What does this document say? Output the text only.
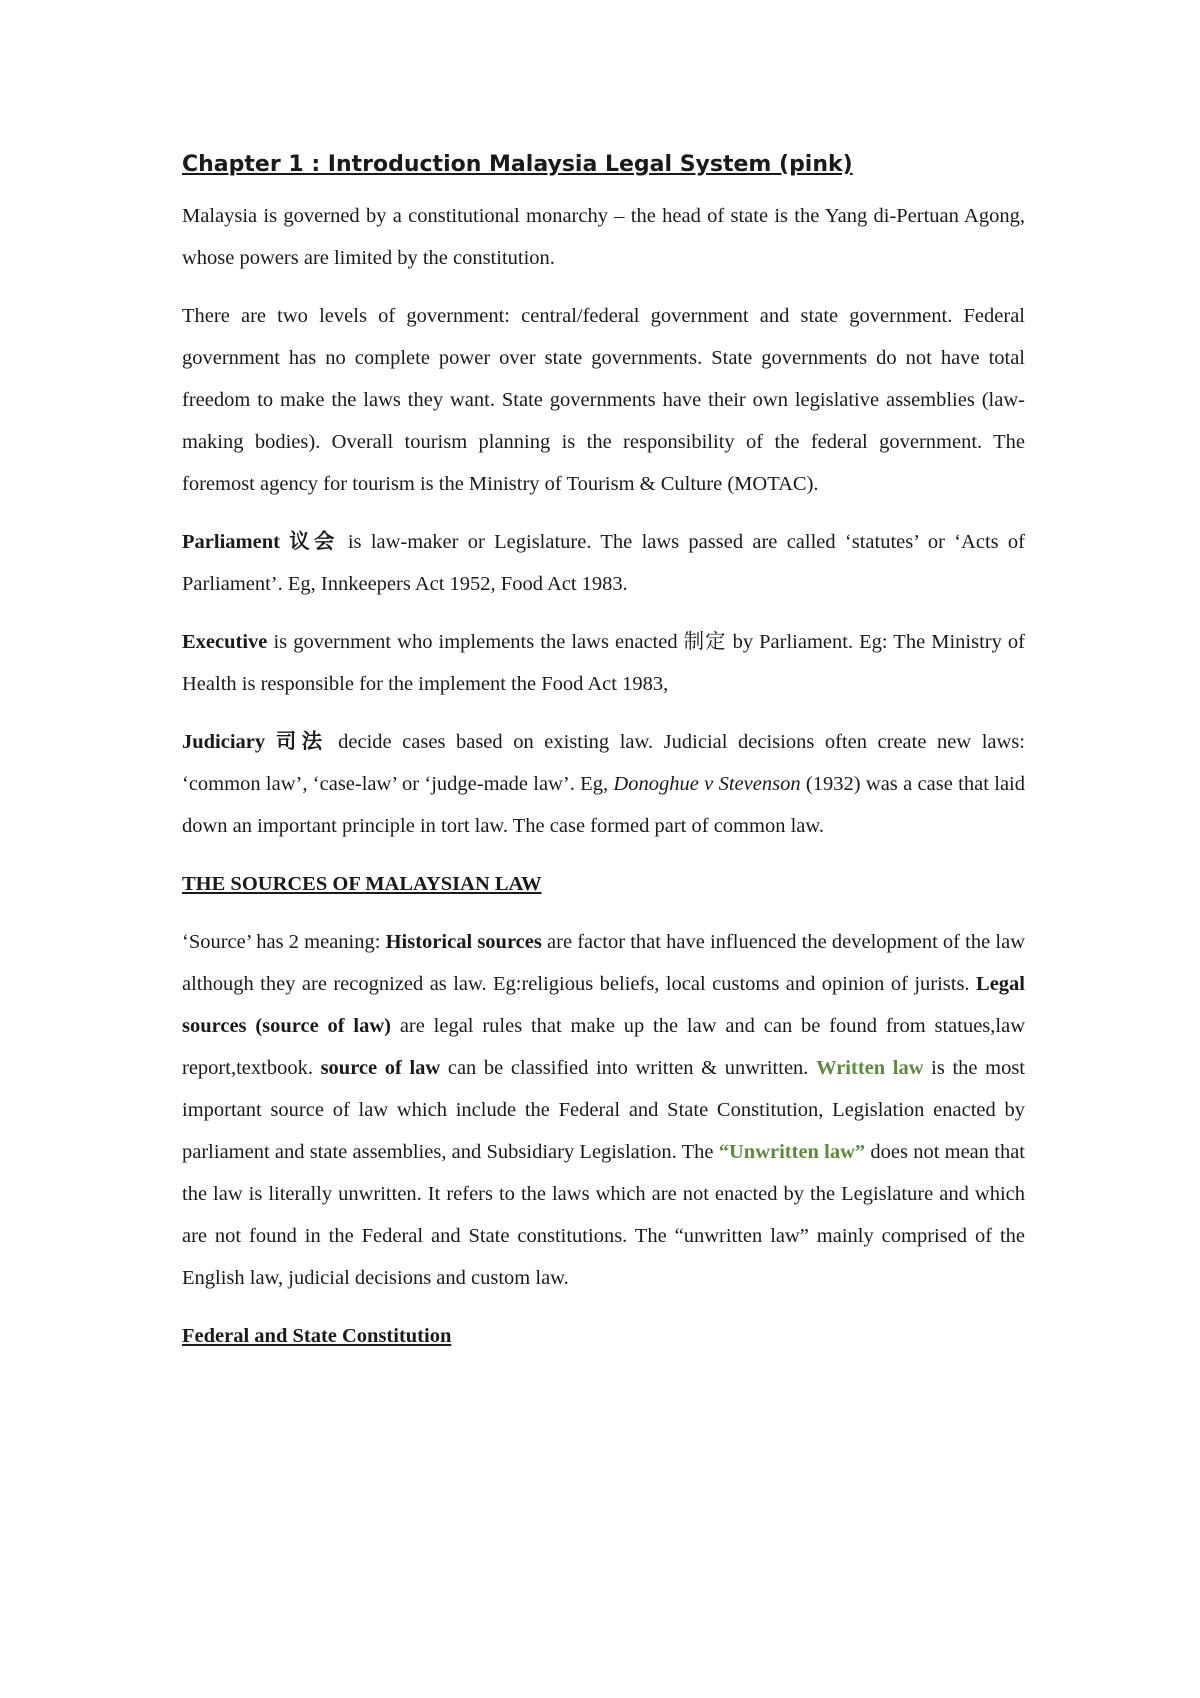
Chapter 1 : Introduction Malaysia Legal System (pink)

Malaysia is governed by a constitutional monarchy – the head of state is the Yang di-Pertuan Agong, whose powers are limited by the constitution.

There are two levels of government: central/federal government and state government. Federal government has no complete power over state governments. State governments do not have total freedom to make the laws they want. State governments have their own legislative assemblies (law-making bodies). Overall tourism planning is the responsibility of the federal government. The foremost agency for tourism is the Ministry of Tourism & Culture (MOTAC).

Parliament 议会 is law-maker or Legislature. The laws passed are called ‘statutes’ or ‘Acts of Parliament’. Eg, Innkeepers Act 1952, Food Act 1983.

Executive is government who implements the laws enacted 制定 by Parliament. Eg: The Ministry of Health is responsible for the implement the Food Act 1983,

Judiciary 司法 decide cases based on existing law. Judicial decisions often create new laws: ‘common law’, ‘case-law’ or ‘judge-made law’. Eg, Donoghue v Stevenson (1932) was a case that laid down an important principle in tort law. The case formed part of common law.

THE SOURCES OF MALAYSIAN LAW

‘Source’ has 2 meaning: Historical sources are factor that have influenced the development of the law although they are recognized as law. Eg:religious beliefs, local customs and opinion of jurists. Legal sources (source of law) are legal rules that make up the law and can be found from statues,law report,textbook. source of law can be classified into written & unwritten. Written law is the most important source of law which include the Federal and State Constitution, Legislation enacted by parliament and state assemblies, and Subsidiary Legislation. The “Unwritten law” does not mean that the law is literally unwritten. It refers to the laws which are not enacted by the Legislature and which are not found in the Federal and State constitutions. The “unwritten law” mainly comprised of the English law, judicial decisions and custom law.

Federal and State Constitution
